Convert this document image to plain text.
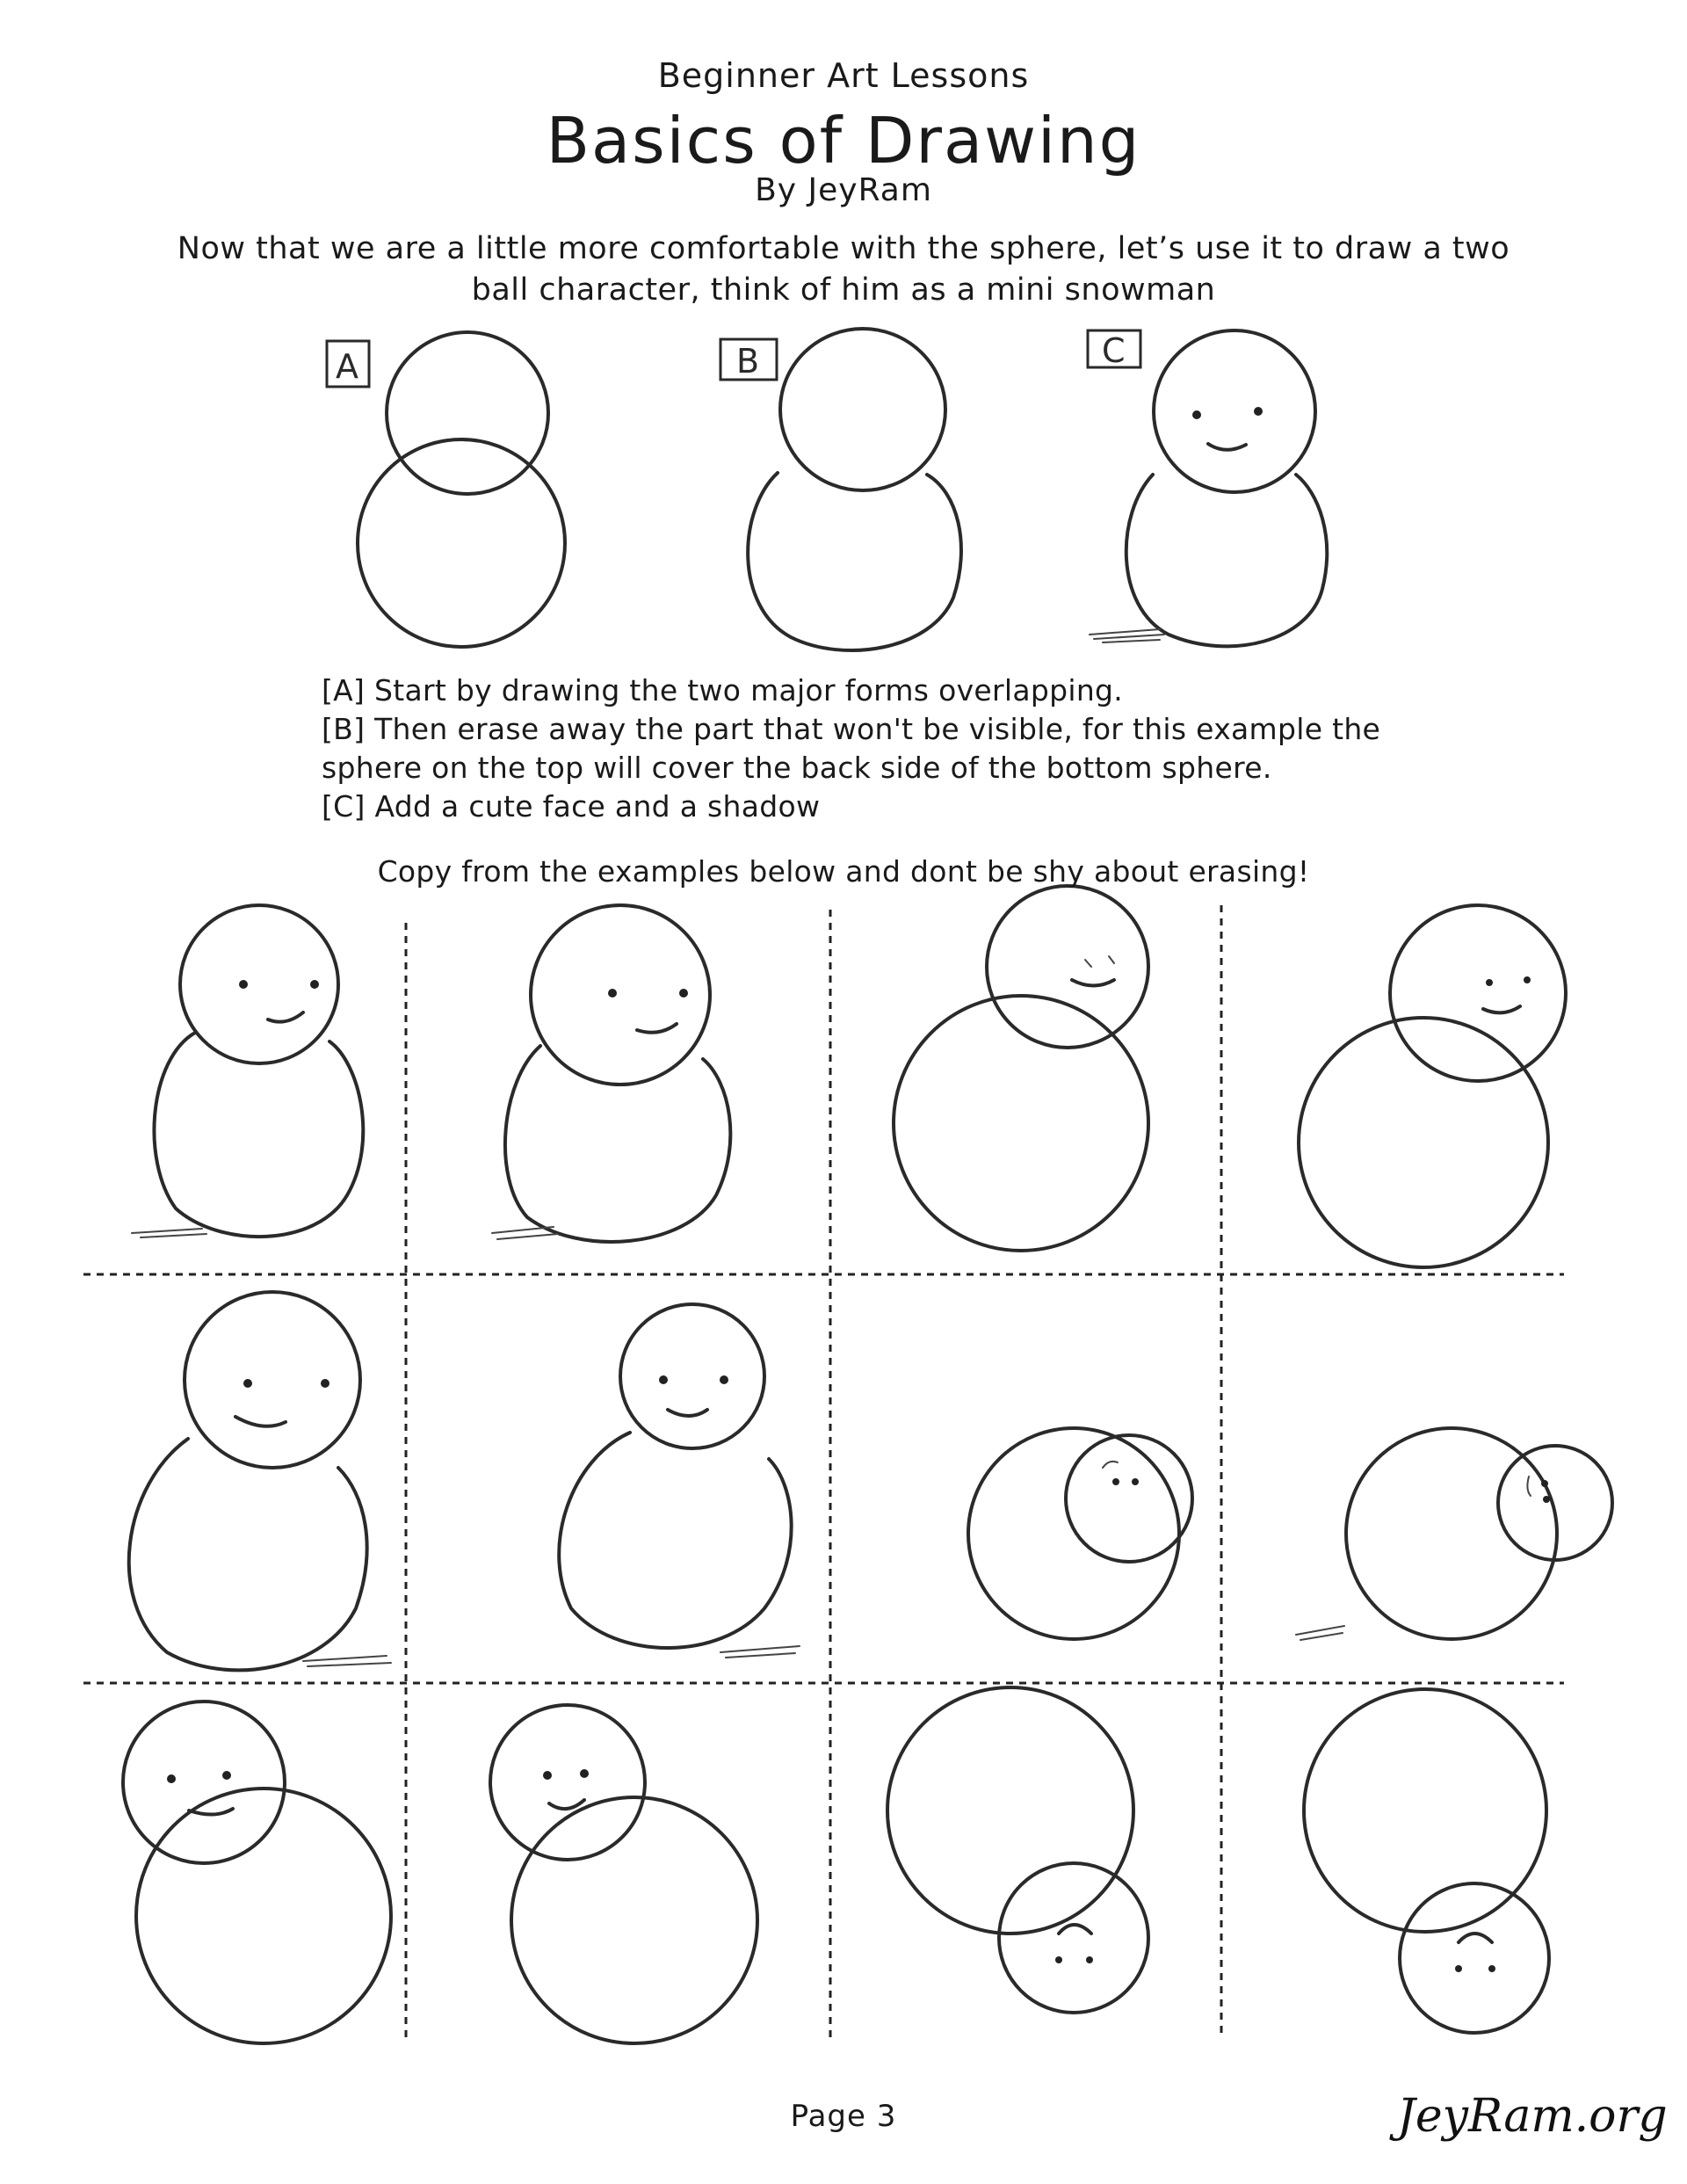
Beginner Art Lessons
Basics of Drawing
By JeyRam
Now that we are a little more comfortable with the sphere, let’s use it to draw a two ball character, think of him as a mini snowman
A	B	C
JeyRam.org
[A] Start by drawing the two major forms overlapping.
[B] Then erase away the part that won't be visible, for this example the
sphere on the top will cover the back side of the bottom sphere.
[C] Add a cute face and a shadow
Copy from the examples below and dont be shy about erasing!
Page 3
